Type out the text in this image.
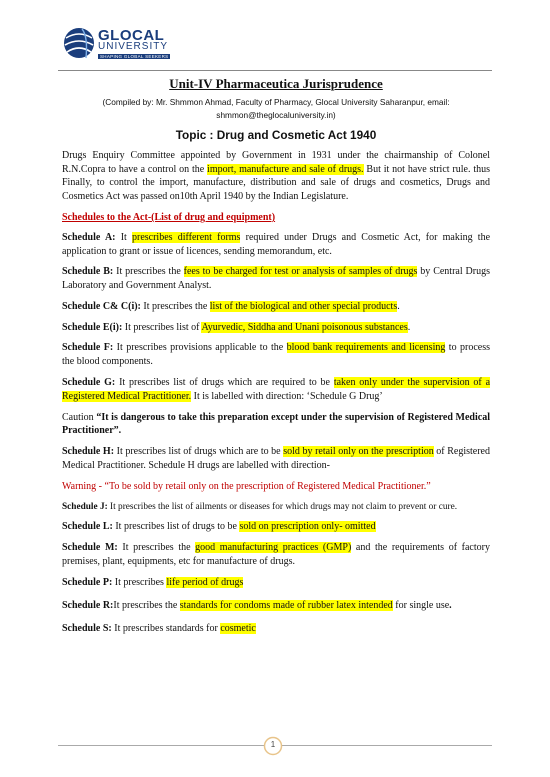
GLOCAL
UNIVERSITY
SHAPING GLOBAL SEEKERS
Unit-IV Pharmaceutica Jurisprudence
(Compiled by: Mr. Shmmon Ahmad, Faculty of Pharmacy, Glocal University Saharanpur, email:
shmmon@theglocaluniversity.in)
Topic : Drug and Cosmetic Act 1940

Drugs Enquiry Committee appointed by Government in 1931 under the chairmanship of Colonel R.N.Copra to have a control on the import, manufacture and sale of drugs. But it not have strict rule. thus Finally, to control the import, manufacture, distribution and sale of drugs and cosmetics, Drugs and Cosmetics Act was passed on10th April 1940 by the Indian Legislature.

Schedules to the Act-(List of drug and equipment)

Schedule A: It prescribes different forms required under Drugs and Cosmetic Act, for making the application to grant or issue of licences, sending memorandum, etc.

Schedule B: It prescribes the fees to be charged for test or analysis of samples of drugs by Central Drugs Laboratory and Government Analyst.

Schedule C& C(i): It prescribes the list of the biological and other special products.

Schedule E(i): It prescribes list of Ayurvedic, Siddha and Unani poisonous substances.

Schedule F: It prescribes provisions applicable to the blood bank requirements and licensing to process the blood components.

Schedule G: It prescribes list of drugs which are required to be taken only under the supervision of a Registered Medical Practitioner. It is labelled with direction: ‘Schedule G Drug’

Caution “It is dangerous to take this preparation except under the supervision of Registered Medical Practitioner”.

Schedule H: It prescribes list of drugs which are to be sold by retail only on the prescription of Registered Medical Practitioner. Schedule H drugs are labelled with direction-

Warning - “To be sold by retail only on the prescription of Registered Medical Practitioner.”

Schedule J: It prescribes the list of ailments or diseases for which drugs may not claim to prevent or cure.

Schedule L: It prescribes list of drugs to be sold on prescription only- omitted

Schedule M: It prescribes the good manufacturing practices (GMP) and the requirements of factory premises, plant, equipments, etc for manufacture of drugs.

Schedule P: It prescribes life period of drugs

Schedule R:It prescribes the standards for condoms made of rubber latex intended for single use.

Schedule S: It prescribes standards for cosmetic

1
